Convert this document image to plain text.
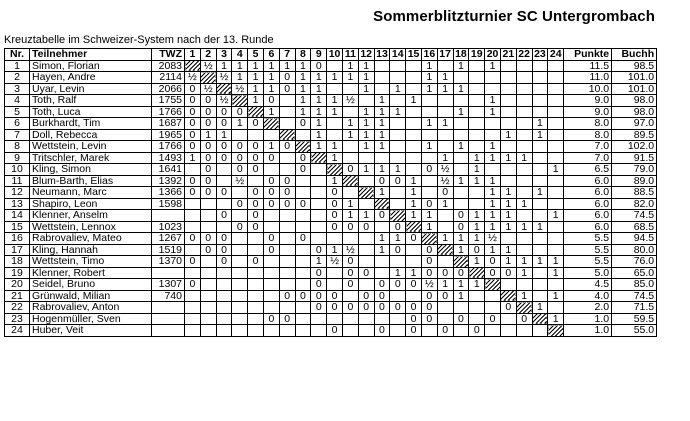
Sommerblitzturnier SC Untergrombach
Kreuztabelle im Schweizer-System nach der 13. Runde
Nr.	Teilnehmer	TWZ	1	2	3	4	5	6	7	8	9	10	11	12	13	14	15	16	17	18	19	20	21	22	23	24	Punkte	Buchh
1	Simon, Florian	2083		½	1	1	1	1	1	1	0		1	1				1		1		1					11.5	98.5
2	Hayen, Andre	2114	½		½	1	1	1	0	1	1	1	1	1				1	1								11.0	101.0
3	Uyar, Levin	2066	0	½		½	1	1	0	1	1			1		1		1	1	1							10.0	101.0
4	Toth, Ralf	1755	0	0	½		1	0		1	1	1	½		1		1					1					9.0	98.0
5	Toth, Luca	1766	0	0	0	0		1		1	1	1		1	1	1				1		1					9.0	98.0
6	Burkhardt, Tim	1687	0	0	0	1	0			0	1		1	1	1			1	1						1		8.0	97.0
7	Doll, Rebecca	1965	0	1	1						1		1	1	1								1		1		8.0	89.5
8	Wettstein, Levin	1766	0	0	0	0	0	1	0		1	1		1	1			1		1		1					7.0	102.0
9	Tritschler, Marek	1493	1	0	0	0	0	0		0		1							1		1	1	1	1			7.0	91.5
10	Kling, Simon	1641		0		0	0			0			0	1	1	1		0	½		1					1	6.5	79.0
11	Blum-Barth, Elias	1392	0	0		½		0	0			1			0	0	1		½	1	1	1					6.0	89.0
12	Neumann, Marc	1366	0	0	0		0	0	0			0			1		1		0			1	1		1		6.0	88.5
13	Shapiro, Leon	1598				0	0	0	0	0		0	1				1	0	1			1	1	1			6.0	82.0
14	Klenner, Anselm				0		0					0	1	1	0		1	1		0	1	1	1			1	6.0	74.5
15	Wettstein, Lennox	1023				0	0					0	0	0		0		1		0	1	1	1	1	1		6.0	68.5
16	Rabrovaliev, Mateo	1267	0	0	0			0		0					1	1	0		1	1	1	½					5.5	94.5
17	Kling, Hannah	1519		0	0			0			0	1	½		1	0		0		1	0	1	1				5.5	80.0
18	Wettstein, Timo	1370	0		0		0				1	½	0					0			1	0	1	1	1	1	5.5	76.0
19	Klenner, Robert										0		0	0		1	1	0	0	0		0	0	1		1	5.0	65.0
20	Seidel, Bruno	1307	0								0		0		0	0	0	½	1	1	1						4.5	85.0
21	Grünwald, Milian	740							0	0	0	0		0	0			0	0	1				1		1	4.0	74.5
22	Rabrovaliev, Anton										0	0	0	0	0	0	0	0					0		1		2.0	71.5
23	Hogenmüller, Sven							0	0								0	0		0		0		0		1	1.0	59.5
24	Huber, Veit											0			0		0		0		0						1.0	55.0
